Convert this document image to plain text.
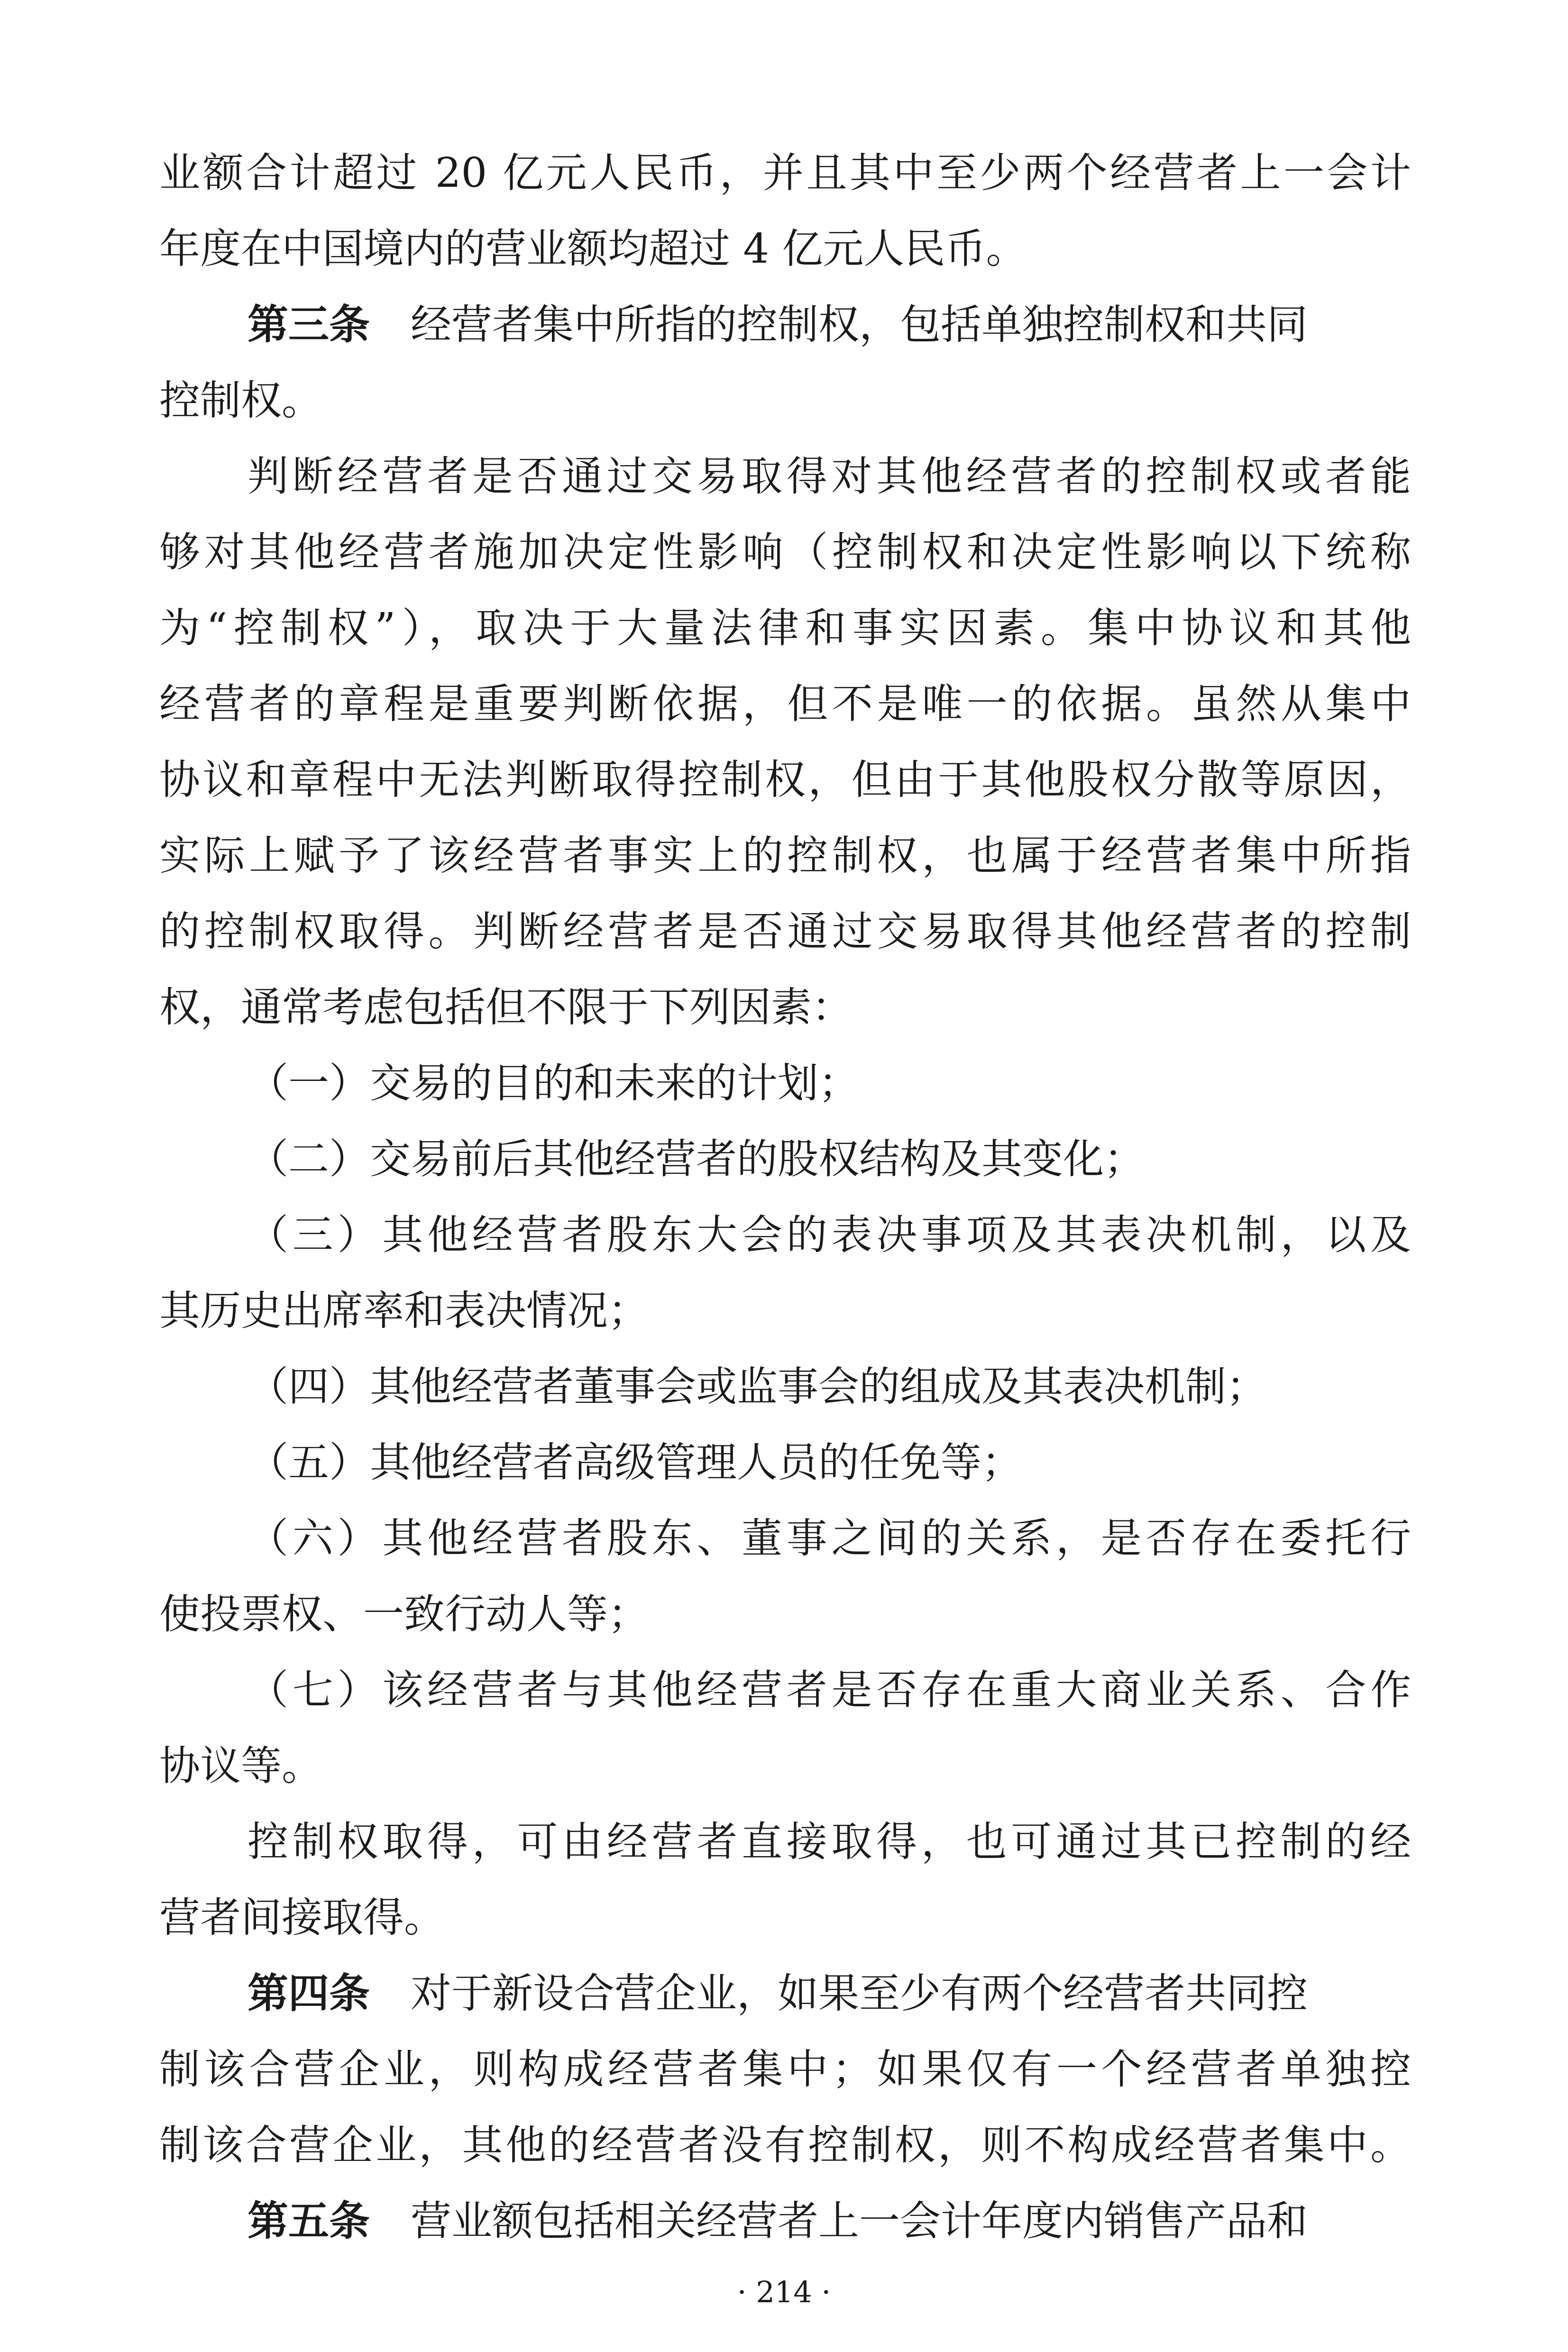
业额合计超过 20 亿元人民币，并且其中至少两个经营者上一会计
年度在中国境内的营业额均超过 4 亿元人民币。
第三条  经营者集中所指的控制权，包括单独控制权和共同
控制权。
判断经营者是否通过交易取得对其他经营者的控制权或者能
够对其他经营者施加决定性影响（控制权和决定性影响以下统称
为“控制权”），取决于大量法律和事实因素。集中协议和其他
经营者的章程是重要判断依据，但不是唯一的依据。虽然从集中
协议和章程中无法判断取得控制权，但由于其他股权分散等原因，
实际上赋予了该经营者事实上的控制权，也属于经营者集中所指
的控制权取得。判断经营者是否通过交易取得其他经营者的控制
权，通常考虑包括但不限于下列因素：
（一）交易的目的和未来的计划；
（二）交易前后其他经营者的股权结构及其变化；
（三）其他经营者股东大会的表决事项及其表决机制，以及
其历史出席率和表决情况；
（四）其他经营者董事会或监事会的组成及其表决机制；
（五）其他经营者高级管理人员的任免等；
（六）其他经营者股东、董事之间的关系，是否存在委托行
使投票权、一致行动人等；
（七）该经营者与其他经营者是否存在重大商业关系、合作
协议等。
控制权取得，可由经营者直接取得，也可通过其已控制的经
营者间接取得。
第四条  对于新设合营企业，如果至少有两个经营者共同控
制该合营企业，则构成经营者集中；如果仅有一个经营者单独控
制该合营企业，其他的经营者没有控制权，则不构成经营者集中。
第五条  营业额包括相关经营者上一会计年度内销售产品和
· 214 ·
